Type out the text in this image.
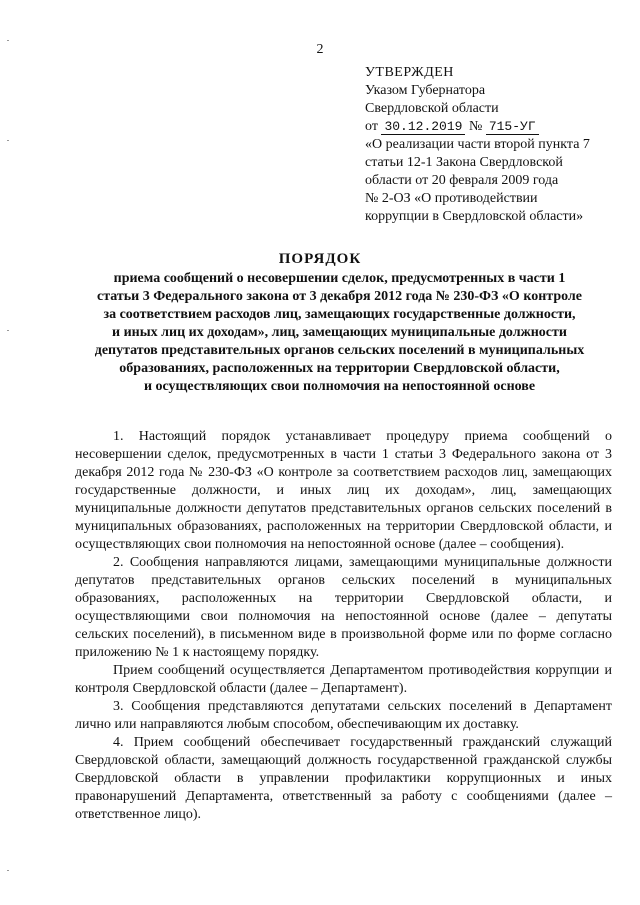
2
УТВЕРЖДЕН
Указом Губернатора
Свердловской области
от 30.12.2019 № 715-УГ
«О реализации части второй пункта 7
статьи 12-1 Закона Свердловской
области от 20 февраля 2009 года
№ 2-ОЗ «О противодействии
коррупции в Свердловской области»
ПОРЯДОК
приема сообщений о несовершении сделок, предусмотренных в части 1
статьи 3 Федерального закона от 3 декабря 2012 года № 230-ФЗ «О контроле
за соответствием расходов лиц, замещающих государственные должности,
и иных лиц их доходам», лиц, замещающих муниципальные должности
депутатов представительных органов сельских поселений в муниципальных
образованиях, расположенных на территории Свердловской области,
и осуществляющих свои полномочия на непостоянной основе

1. Настоящий порядок устанавливает процедуру приема сообщений о несовершении сделок, предусмотренных в части 1 статьи 3 Федерального закона от 3 декабря 2012 года № 230-ФЗ «О контроле за соответствием расходов лиц, замещающих государственные должности, и иных лиц их доходам», лиц, замещающих муниципальные должности депутатов представительных органов сельских поселений в муниципальных образованиях, расположенных на территории Свердловской области, и осуществляющих свои полномочия на непостоянной основе (далее – сообщения).

2. Сообщения направляются лицами, замещающими муниципальные должности депутатов представительных органов сельских поселений в муниципальных образованиях, расположенных на территории Свердловской области, и осуществляющими свои полномочия на непостоянной основе (далее – депутаты сельских поселений), в письменном виде в произвольной форме или по форме согласно приложению № 1 к настоящему порядку.

Прием сообщений осуществляется Департаментом противодействия коррупции и контроля Свердловской области (далее – Департамент).

3. Сообщения представляются депутатами сельских поселений в Департамент лично или направляются любым способом, обеспечивающим их доставку.

4. Прием сообщений обеспечивает государственный гражданский служащий Свердловской области, замещающий должность государственной гражданской службы Свердловской области в управлении профилактики коррупционных и иных правонарушений Департамента, ответственный за работу с сообщениями (далее – ответственное лицо).
